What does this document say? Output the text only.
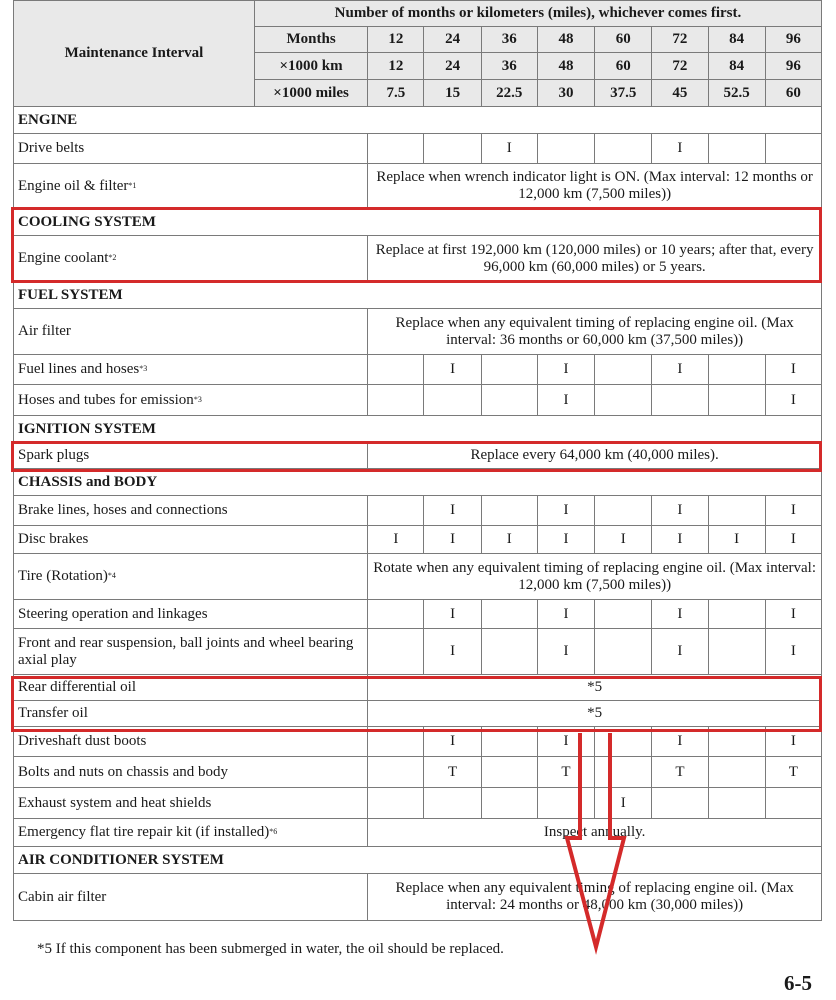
Maintenance Interval	Number of months or kilometers (miles), whichever comes first.								
	Months	12	24	36	48	60	72	84	96
	×1000 km	12	24	36	48	60	72	84	96
	×1000 miles	7.5	15	22.5	30	37.5	45	52.5	60
ENGINE									
Drive belts				I			I		
Engine oil & filter$^{*1}$		Replace when wrench indicator light is ON. (Max interval: 12 months or 12,000 km (7,500 miles))							
COOLING SYSTEM									
Engine coolant$^{*2}$		Replace at first 192,000 km (120,000 miles) or 10 years; after that, every 96,000 km (60,000 miles) or 5 years.							
FUEL SYSTEM									
Air filter		Replace when any equivalent timing of replacing engine oil. (Max interval: 36 months or 60,000 km (37,500 miles))							
Fuel lines and hoses$^{*3}$			I		I		I		I
Hoses and tubes for emission$^{*3}$					I				I
IGNITION SYSTEM									
Spark plugs		Replace every 64,000 km (40,000 miles).							
CHASSIS and BODY									
Brake lines, hoses and connections			I		I		I		I
Disc brakes		I	I	I	I	I	I	I	I
Tire (Rotation)$^{*4}$		Rotate when any equivalent timing of replacing engine oil. (Max interval: 12,000 km (7,500 miles))							
Steering operation and linkages			I		I		I		I
Front and rear suspension, ball joints and wheel bearing axial play			I		I		I		I
Rear differential oil		*5							
Transfer oil		*5							
Driveshaft dust boots			I		I		I		I
Bolts and nuts on chassis and body			T		T		T		T
Exhaust system and heat shields						I			
Emergency flat tire repair kit (if installed)$^{*6}$		Inspect annually.							
AIR CONDITIONER SYSTEM									
Cabin air filter		Replace when any equivalent timing of replacing engine oil. (Max interval: 24 months or 48,000 km (30,000 miles))							
*5 If this component has been submerged in water, the oil should be replaced.
6-5
